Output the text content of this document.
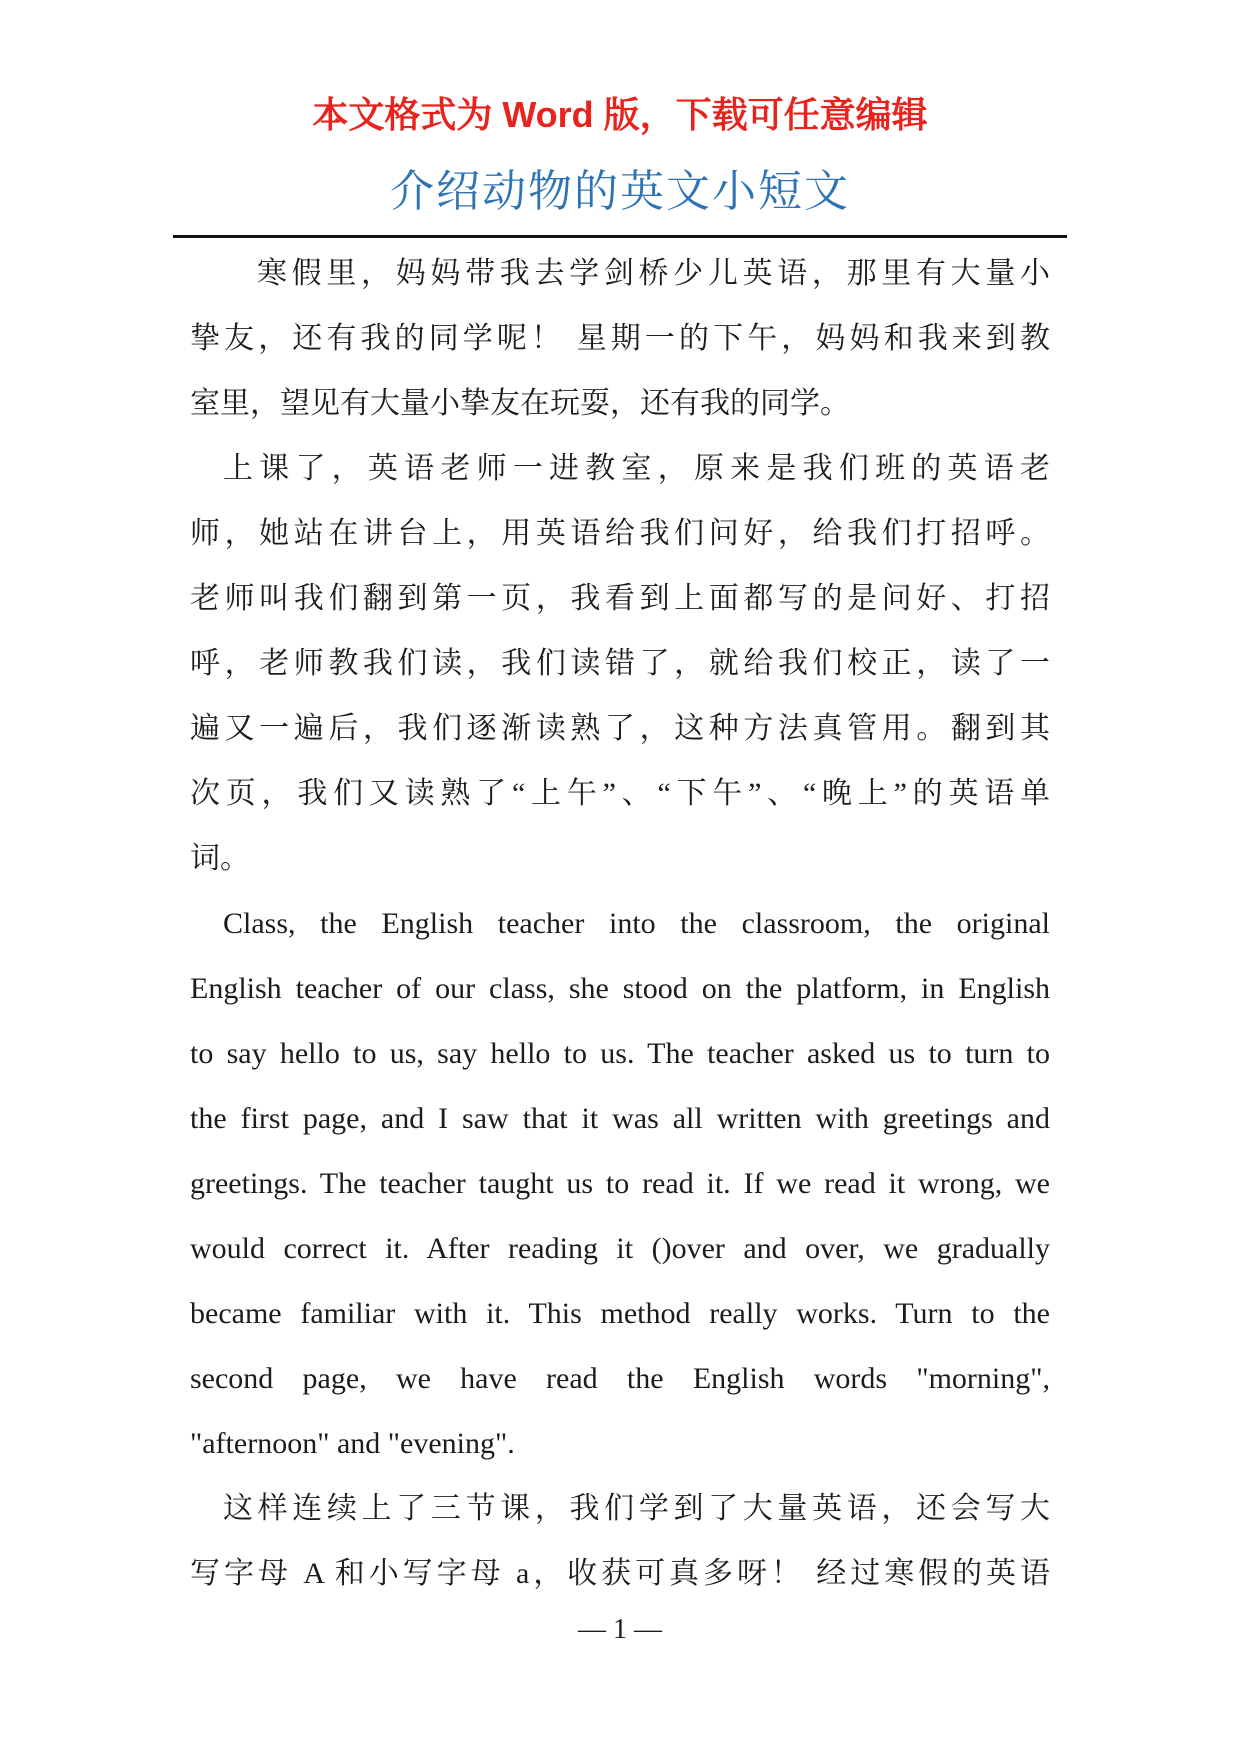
本文格式为 Word 版，下载可任意编辑
介绍动物的英文小短文
寒假里，妈妈带我去学剑桥少儿英语，那里有大量小
挚友，还有我的同学呢！ 星期一的下午，妈妈和我来到教
室里，望见有大量小挚友在玩耍，还有我的同学。
上课了，英语老师一进教室，原来是我们班的英语老
师，她站在讲台上，用英语给我们问好，给我们打招呼。
老师叫我们翻到第一页，我看到上面都写的是问好、打招
呼，老师教我们读，我们读错了，就给我们校正，读了一
遍又一遍后，我们逐渐读熟了，这种方法真管用。翻到其
次页，我们又读熟了“上午”、“下午”、“晚上”的英语单
词。
Class, the English teacher into the classroom, the original
English teacher of our class, she stood on the platform, in English
to say hello to us, say hello to us. The teacher asked us to turn to
the first page, and I saw that it was all written with greetings and
greetings. The teacher taught us to read it. If we read it wrong, we
would correct it. After reading it ()over and over, we gradually
became familiar with it. This method really works. Turn to the
second page, we have read the English words "morning",
"afternoon" and "evening".
这样连续上了三节课，我们学到了大量英语，还会写大
写字母 A 和小写字母 a，收获可真多呀！ 经过寒假的英语
— 1 —
